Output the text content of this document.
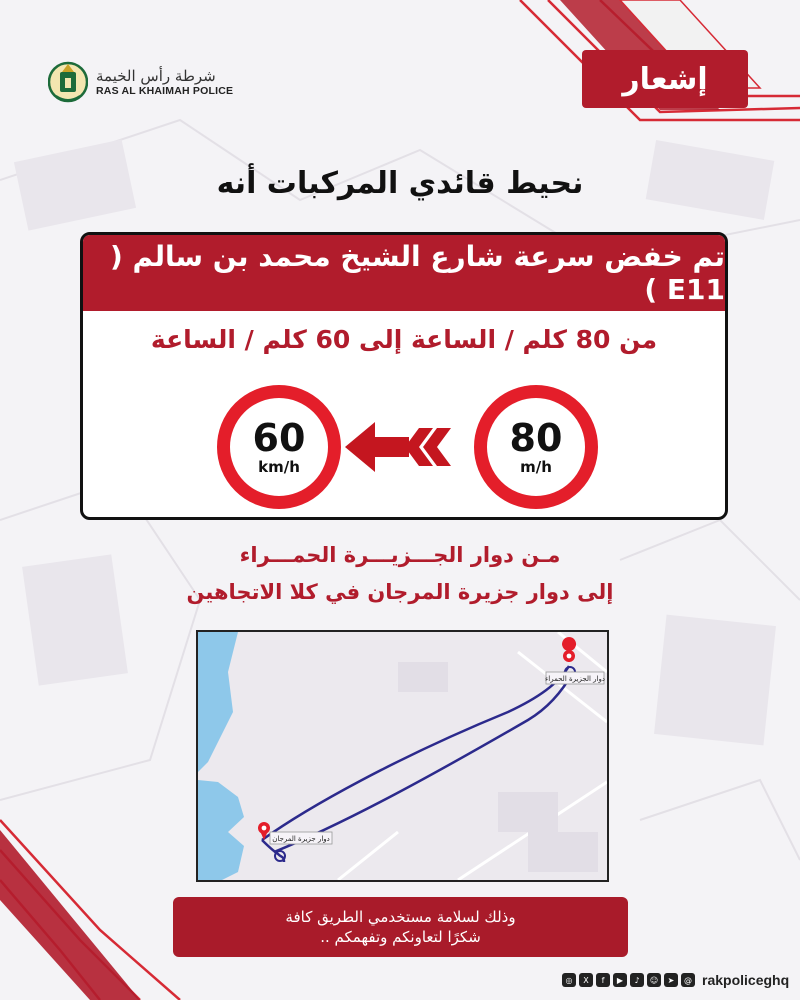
شرطة رأس الخيمة
RAS AL KHAIMAH POLICE	إشعار
نحيط قائدي المركبات أنه
تم خفض سرعة شارع الشيخ محمد بن سالم ( E11 )
من 80 كلم / الساعة إلى 60 كلم / الساعة
60
km/h
80
m/h
مـن دوار الجـــزيـــرة الحمـــراء
إلى دوار جزيرة المرجان في كلا الاتجاهين
دوار الجزيرة الحمراء
دوار جزيرة المرجان
وذلك لسلامة مستخدمي الطريق كافة
شكرًا لتعاونكم وتفهمكم ..
◎	X	f	▶	♪	☺	➤	@ rakpoliceghq
